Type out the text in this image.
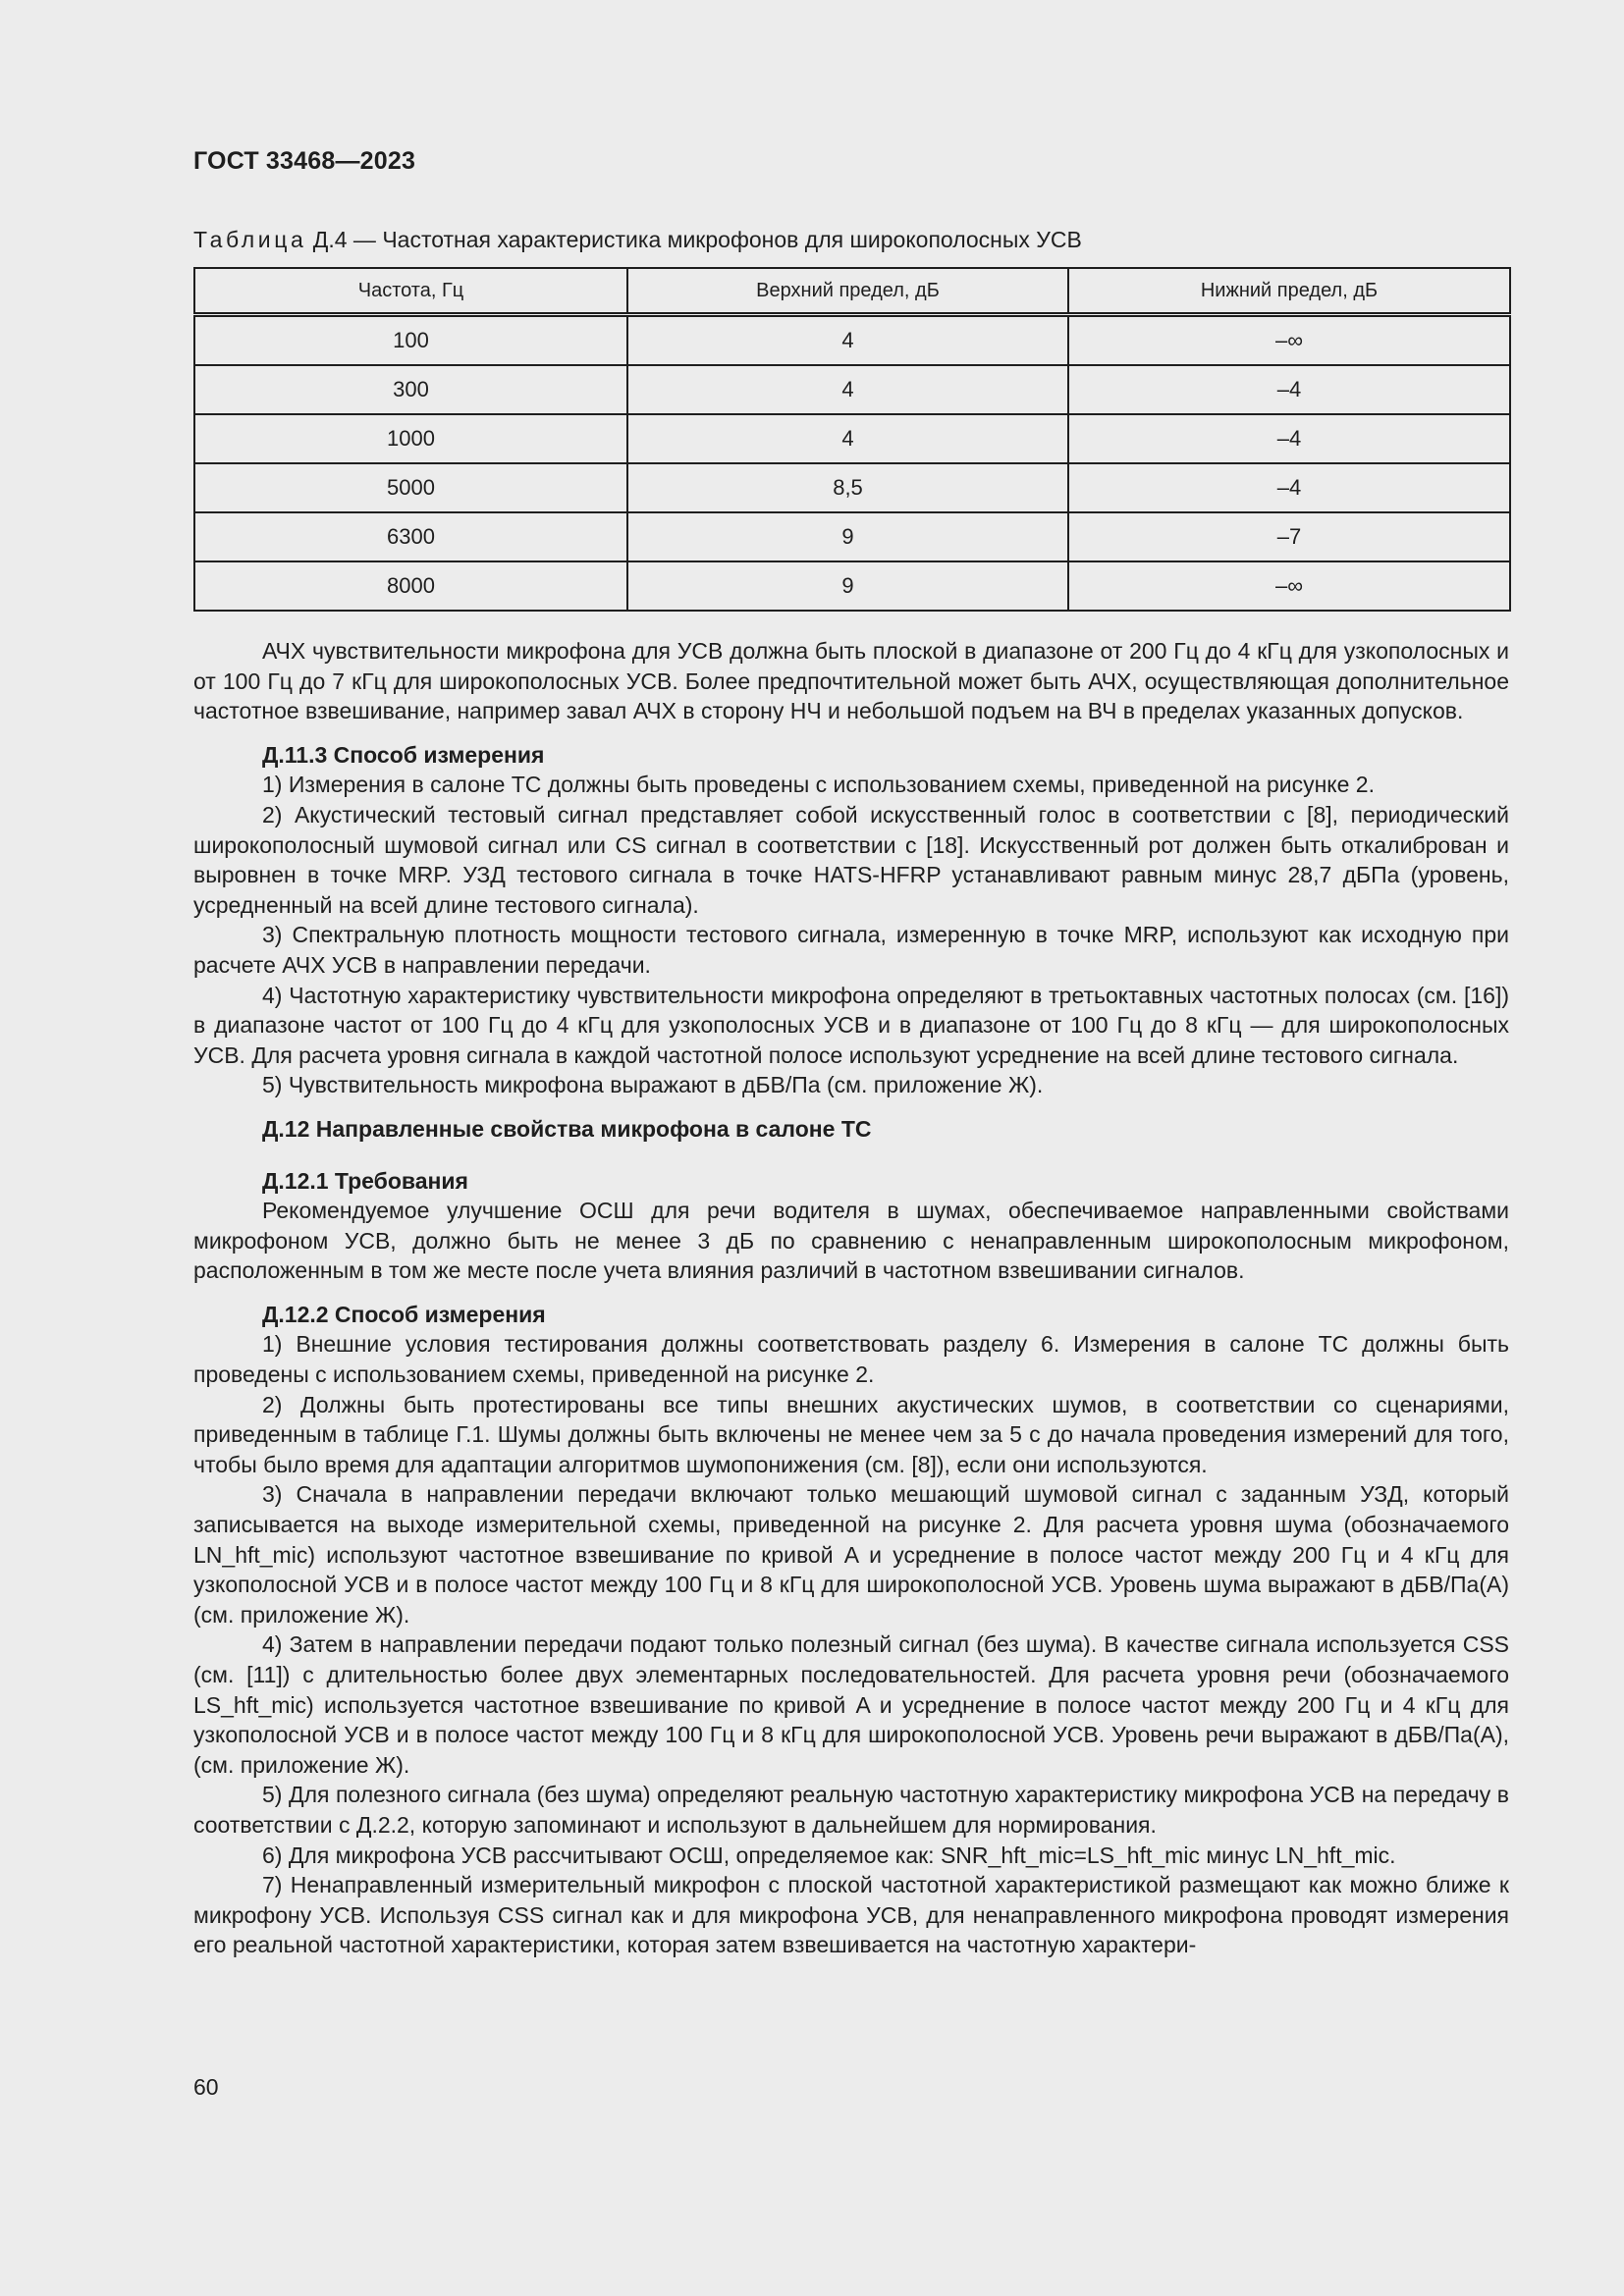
ГОСТ 33468—2023
Таблица Д.4 — Частотная характеристика микрофонов для широкополосных УСВ
Частота, Гц	Верхний предел, дБ	Нижний предел, дБ
100	4	–∞
300	4	–4
1000	4	–4
5000	8,5	–4
6300	9	–7
8000	9	–∞

АЧХ чувствительности микрофона для УСВ должна быть плоской в диапазоне от 200 Гц до 4 кГц для узкополосных и от 100 Гц до 7 кГц для широкополосных УСВ. Более предпочтительной может быть АЧХ, осуществляющая дополнительное частотное взвешивание, например завал АЧХ в сторону НЧ и небольшой подъем на ВЧ в пределах указанных допусков.

Д.11.3 Способ измерения

1) Измерения в салоне ТС должны быть проведены с использованием схемы, приведенной на рисунке 2.

2) Акустический тестовый сигнал представляет собой искусственный голос в соответствии с [8], периодический широкополосный шумовой сигнал или CS сигнал в соответствии с [18]. Искусственный рот должен быть откалиброван и выровнен в точке MRP. УЗД тестового сигнала в точке HATS-HFRP устанавливают равным минус 28,7 дБПа (уровень, усредненный на всей длине тестового сигнала).

3) Спектральную плотность мощности тестового сигнала, измеренную в точке MRP, используют как исходную при расчете АЧХ УСВ в направлении передачи.

4) Частотную характеристику чувствительности микрофона определяют в третьоктавных частотных полосах (см. [16]) в диапазоне частот от 100 Гц до 4 кГц для узкополосных УСВ и в диапазоне от 100 Гц до 8 кГц — для широкополосных УСВ. Для расчета уровня сигнала в каждой частотной полосе используют усреднение на всей длине тестового сигнала.

5) Чувствительность микрофона выражают в дБВ/Па (см. приложение Ж).

Д.12 Направленные свойства микрофона в салоне ТС

Д.12.1 Требования

Рекомендуемое улучшение ОСШ для речи водителя в шумах, обеспечиваемое направленными свойствами микрофоном УСВ, должно быть не менее 3 дБ по сравнению с ненаправленным широкополосным микрофоном, расположенным в том же месте после учета влияния различий в частотном взвешивании сигналов.

Д.12.2 Способ измерения

1) Внешние условия тестирования должны соответствовать разделу 6. Измерения в салоне ТС должны быть проведены с использованием схемы, приведенной на рисунке 2.

2) Должны быть протестированы все типы внешних акустических шумов, в соответствии со сценариями, приведенным в таблице Г.1. Шумы должны быть включены не менее чем за 5 с до начала проведения измерений для того, чтобы было время для адаптации алгоритмов шумопонижения (см. [8]), если они используются.

3) Сначала в направлении передачи включают только мешающий шумовой сигнал с заданным УЗД, который записывается на выходе измерительной схемы, приведенной на рисунке 2. Для расчета уровня шума (обозначаемого LN_hft_mic) используют частотное взвешивание по кривой A и усреднение в полосе частот между 200 Гц и 4 кГц для узкополосной УСВ и в полосе частот между 100 Гц и 8 кГц для широкополосной УСВ. Уровень шума выражают в дБВ/Па(A) (см. приложение Ж).

4) Затем в направлении передачи подают только полезный сигнал (без шума). В качестве сигнала используется CSS (см. [11]) с длительностью более двух элементарных последовательностей. Для расчета уровня речи (обозначаемого LS_hft_mic) используется частотное взвешивание по кривой A и усреднение в полосе частот между 200 Гц и 4 кГц для узкополосной УСВ и в полосе частот между 100 Гц и 8 кГц для широкополосной УСВ. Уровень речи выражают в дБВ/Па(A), (см. приложение Ж).

5) Для полезного сигнала (без шума) определяют реальную частотную характеристику микрофона УСВ на передачу в соответствии с Д.2.2, которую запоминают и используют в дальнейшем для нормирования.

6) Для микрофона УСВ рассчитывают ОСШ, определяемое как: SNR_hft_mic=LS_hft_mic минус LN_hft_mic.

7) Ненаправленный измерительный микрофон с плоской частотной характеристикой размещают как можно ближе к микрофону УСВ. Используя CSS сигнал как и для микрофона УСВ, для ненаправленного микрофона проводят измерения его реальной частотной характеристики, которая затем взвешивается на частотную характери-

60
